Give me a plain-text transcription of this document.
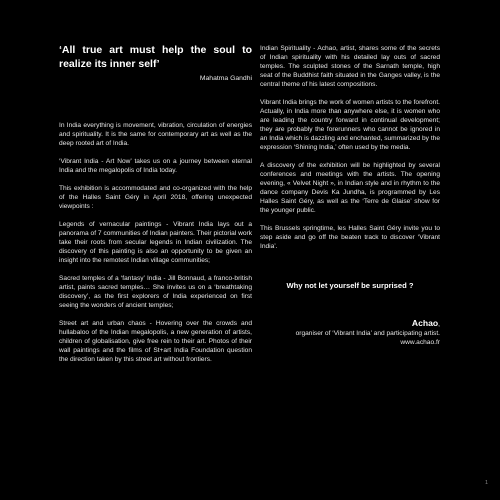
‘All true art must help the soul to realize its inner self’

Mahatma Gandhi

In India everything is movement, vibration, circulation of energies and spirituality. It is the same for contemporary art as well as the deep rooted art of India.

‘Vibrant India - Art Now’ takes us on a journey between eternal India and the megalopolis of India today.

This exhibition is accommodated and co-organized with the help of the Halles Saint Géry in April 2018, offering unexpected viewpoints :

Legends of vernacular paintings - Vibrant India lays out a panorama of 7 communities of Indian painters. Their pictorial work take their roots from secular legends in Indian civilization. The discovery of this painting is also an opportunity to be given an insight into the remotest Indian village communities;

Sacred temples of a ‘fantasy’ India - Jill Bonnaud, a franco-british artist, paints sacred temples… She invites us on a ‘breathtaking discovery’, as the first explorers of India experienced on first seeing the wonders of ancient temples;

Street art and urban chaos - Hovering over the crowds and hullabaloo of the Indian megalopolis, a new generation of artists, children of globalisation, give free rein to their art. Photos of their wall paintings and the films of St+art India Foundation question the direction taken by this street art without frontiers.

Indian Spirituality - Achao, artist, shares some of the secrets of Indian spirituality with his detailed lay outs of sacred temples. The sculpted stones of the Sarnath temple, high seat of the Buddhist faith situated in the Ganges valley, is the central theme of his latest compositions.

Vibrant India brings the work of women artists to the forefront. Actually, in India more than anywhere else, it is women who are leading the country forward in continual development; they are probably the forerunners who cannot be ignored in an India which is dazzling and enchanted, summarized by the expression ‘Shining India,’ often used by the media.

A discovery of the exhibition will be highlighted by several conferences and meetings with the artists. The opening evening, « Velvet Night », in Indian style and in rhythm to the dance company Devis Ka Jundha, is programmed by Les Halles Saint Géry, as well as the ‘Terre de Glaise’ show for the younger public.

This Brussels springtime, les Halles Saint Géry invite you to step aside and go off the beaten track to discover ‘Vibrant India’.

Why not let yourself be surprised ?
Achao,
organiser of ‘Vibrant India’ and participating artist.
www.achao.fr
1
